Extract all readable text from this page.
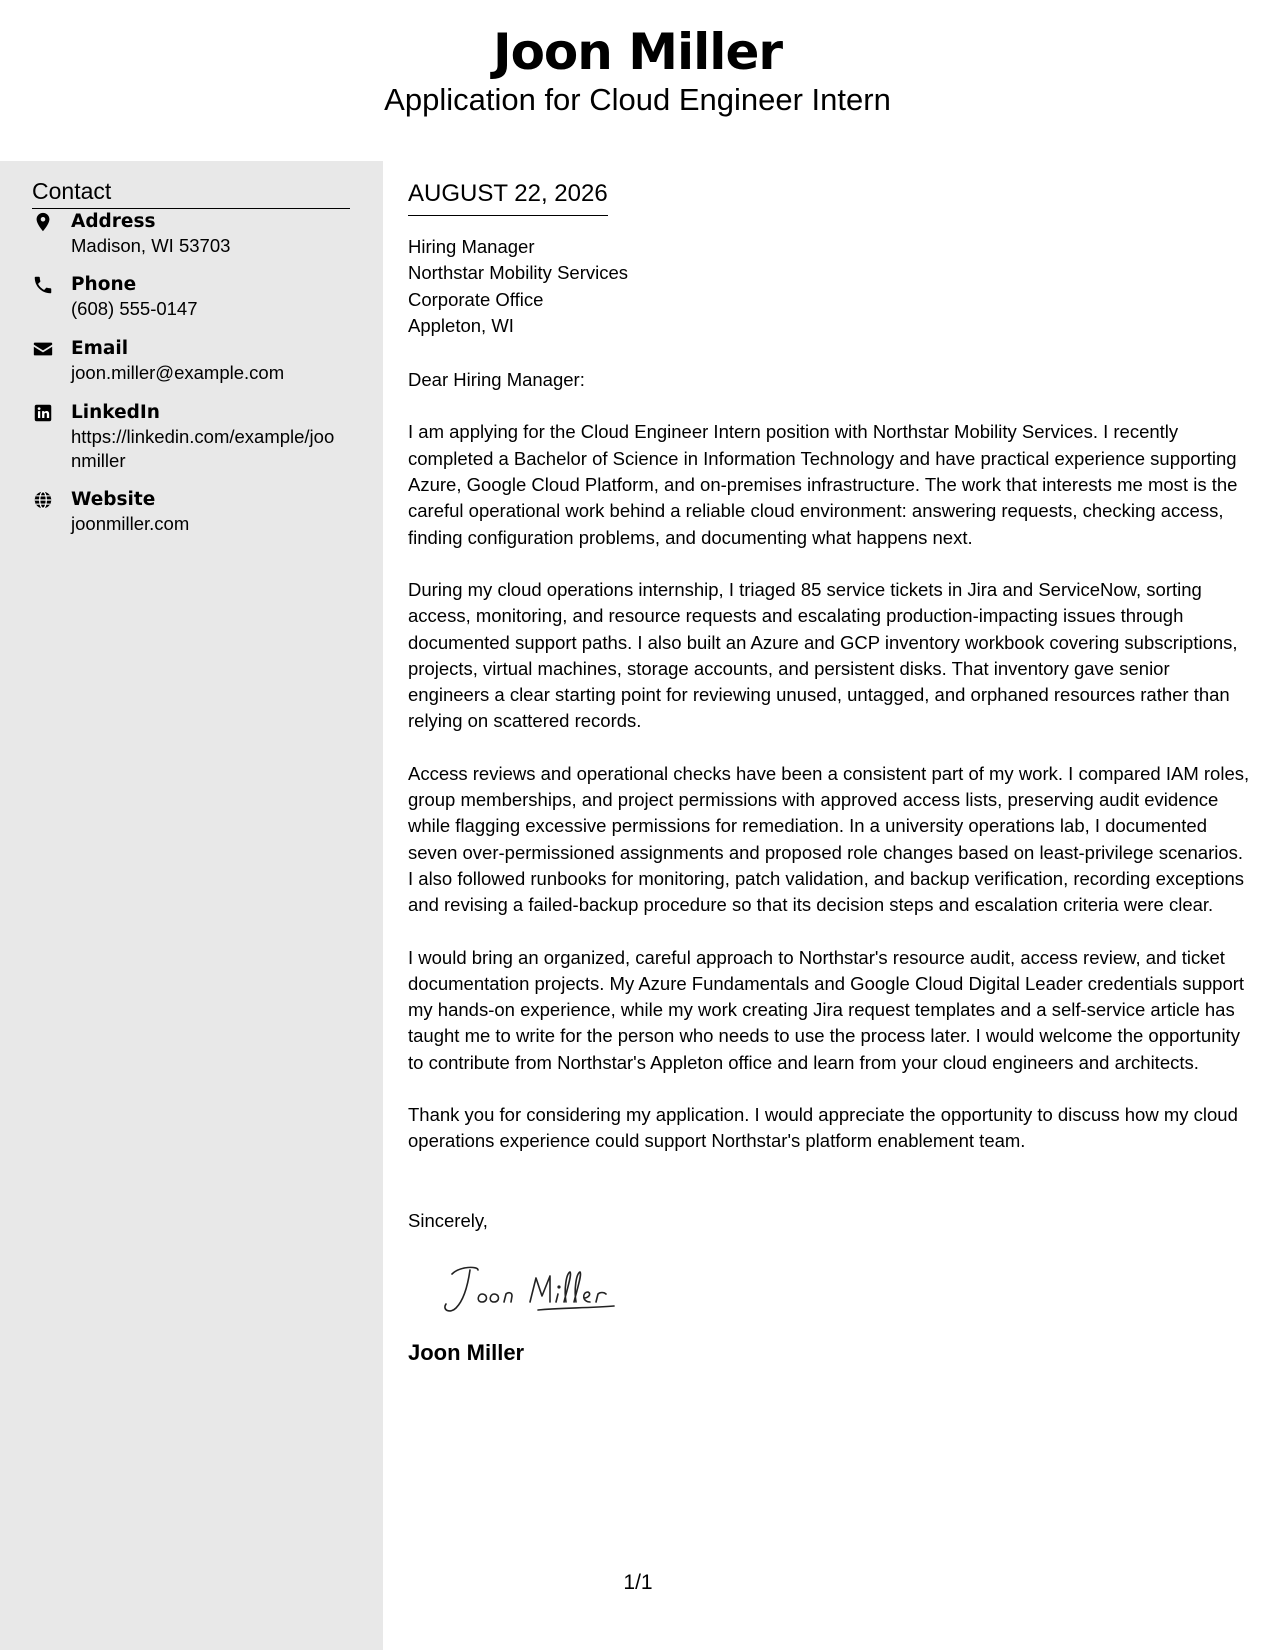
Joon Miller
Application for Cloud Engineer Intern
Contact
Address
Madison, WI 53703
Phone
(608) 555-0147
Email
joon.miller@example.com
LinkedIn
https://linkedin.com/example/joonmiller
Website
joonmiller.com
AUGUST 22, 2026
Hiring Manager
Northstar Mobility Services
Corporate Office
Appleton, WI
Dear Hiring Manager:
I am applying for the Cloud Engineer Intern position with Northstar Mobility Services. I recently completed a Bachelor of Science in Information Technology and have practical experience supporting Azure, Google Cloud Platform, and on-premises infrastructure. The work that interests me most is the careful operational work behind a reliable cloud environment: answering requests, checking access, finding configuration problems, and documenting what happens next.
During my cloud operations internship, I triaged 85 service tickets in Jira and ServiceNow, sorting access, monitoring, and resource requests and escalating production-impacting issues through documented support paths. I also built an Azure and GCP inventory workbook covering subscriptions, projects, virtual machines, storage accounts, and persistent disks. That inventory gave senior engineers a clear starting point for reviewing unused, untagged, and orphaned resources rather than relying on scattered records.
Access reviews and operational checks have been a consistent part of my work. I compared IAM roles, group memberships, and project permissions with approved access lists, preserving audit evidence while flagging excessive permissions for remediation. In a university operations lab, I documented seven over-permissioned assignments and proposed role changes based on least-privilege scenarios. I also followed runbooks for monitoring, patch validation, and backup verification, recording exceptions and revising a failed-backup procedure so that its decision steps and escalation criteria were clear.
I would bring an organized, careful approach to Northstar's resource audit, access review, and ticket documentation projects. My Azure Fundamentals and Google Cloud Digital Leader credentials support my hands-on experience, while my work creating Jira request templates and a self-service article has taught me to write for the person who needs to use the process later. I would welcome the opportunity to contribute from Northstar's Appleton office and learn from your cloud engineers and architects.
Thank you for considering my application. I would appreciate the opportunity to discuss how my cloud operations experience could support Northstar's platform enablement team.
Sincerely,
Joon Miller
1/1
